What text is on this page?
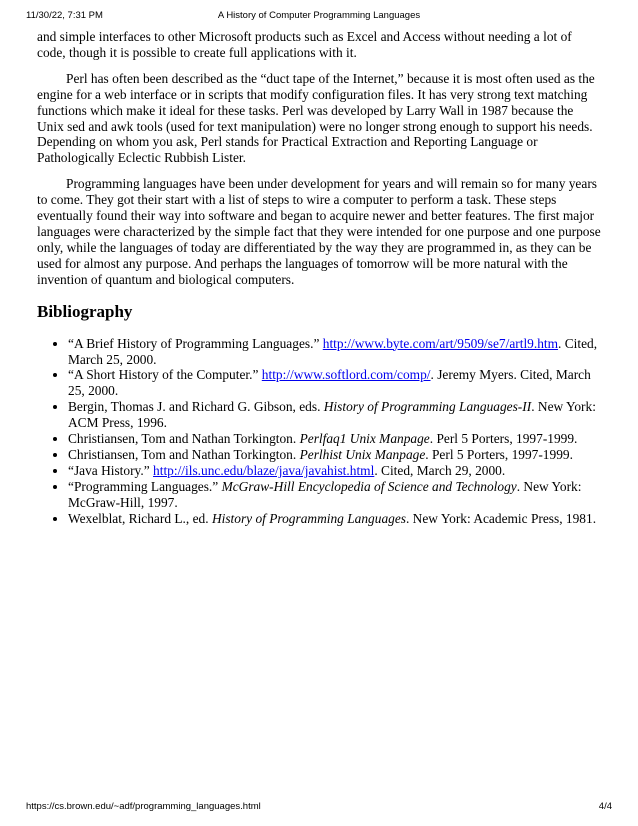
11/30/22, 7:31 PM	A History of Computer Programming Languages

and simple interfaces to other Microsoft products such as Excel and Access without needing a lot of code, though it is possible to create full applications with it.

Perl has often been described as the “duct tape of the Internet,” because it is most often used as the engine for a web interface or in scripts that modify configuration files. It has very strong text matching functions which make it ideal for these tasks. Perl was developed by Larry Wall in 1987 because the Unix sed and awk tools (used for text manipulation) were no longer strong enough to support his needs. Depending on whom you ask, Perl stands for Practical Extraction and Reporting Language or Pathologically Eclectic Rubbish Lister.

Programming languages have been under development for years and will remain so for many years to come. They got their start with a list of steps to wire a computer to perform a task. These steps eventually found their way into software and began to acquire newer and better features. The first major languages were characterized by the simple fact that they were intended for one purpose and one purpose only, while the languages of today are differentiated by the way they are programmed in, as they can be used for almost any purpose. And perhaps the languages of tomorrow will be more natural with the invention of quantum and biological computers.

Bibliography
• “A Brief History of Programming Languages.” http://www.byte.com/art/9509/se7/artl9.htm. Cited, March 25, 2000.
• “A Short History of the Computer.” http://www.softlord.com/comp/. Jeremy Myers. Cited, March 25, 2000.
• Bergin, Thomas J. and Richard G. Gibson, eds. History of Programming Languages-II. New York: ACM Press, 1996.
• Christiansen, Tom and Nathan Torkington. Perlfaq1 Unix Manpage. Perl 5 Porters, 1997-1999.
• Christiansen, Tom and Nathan Torkington. Perlhist Unix Manpage. Perl 5 Porters, 1997-1999.
• “Java History.” http://ils.unc.edu/blaze/java/javahist.html. Cited, March 29, 2000.
• “Programming Languages.” McGraw-Hill Encyclopedia of Science and Technology. New York: McGraw-Hill, 1997.
• Wexelblat, Richard L., ed. History of Programming Languages. New York: Academic Press, 1981.
https://cs.brown.edu/~adf/programming_languages.html	4/4
